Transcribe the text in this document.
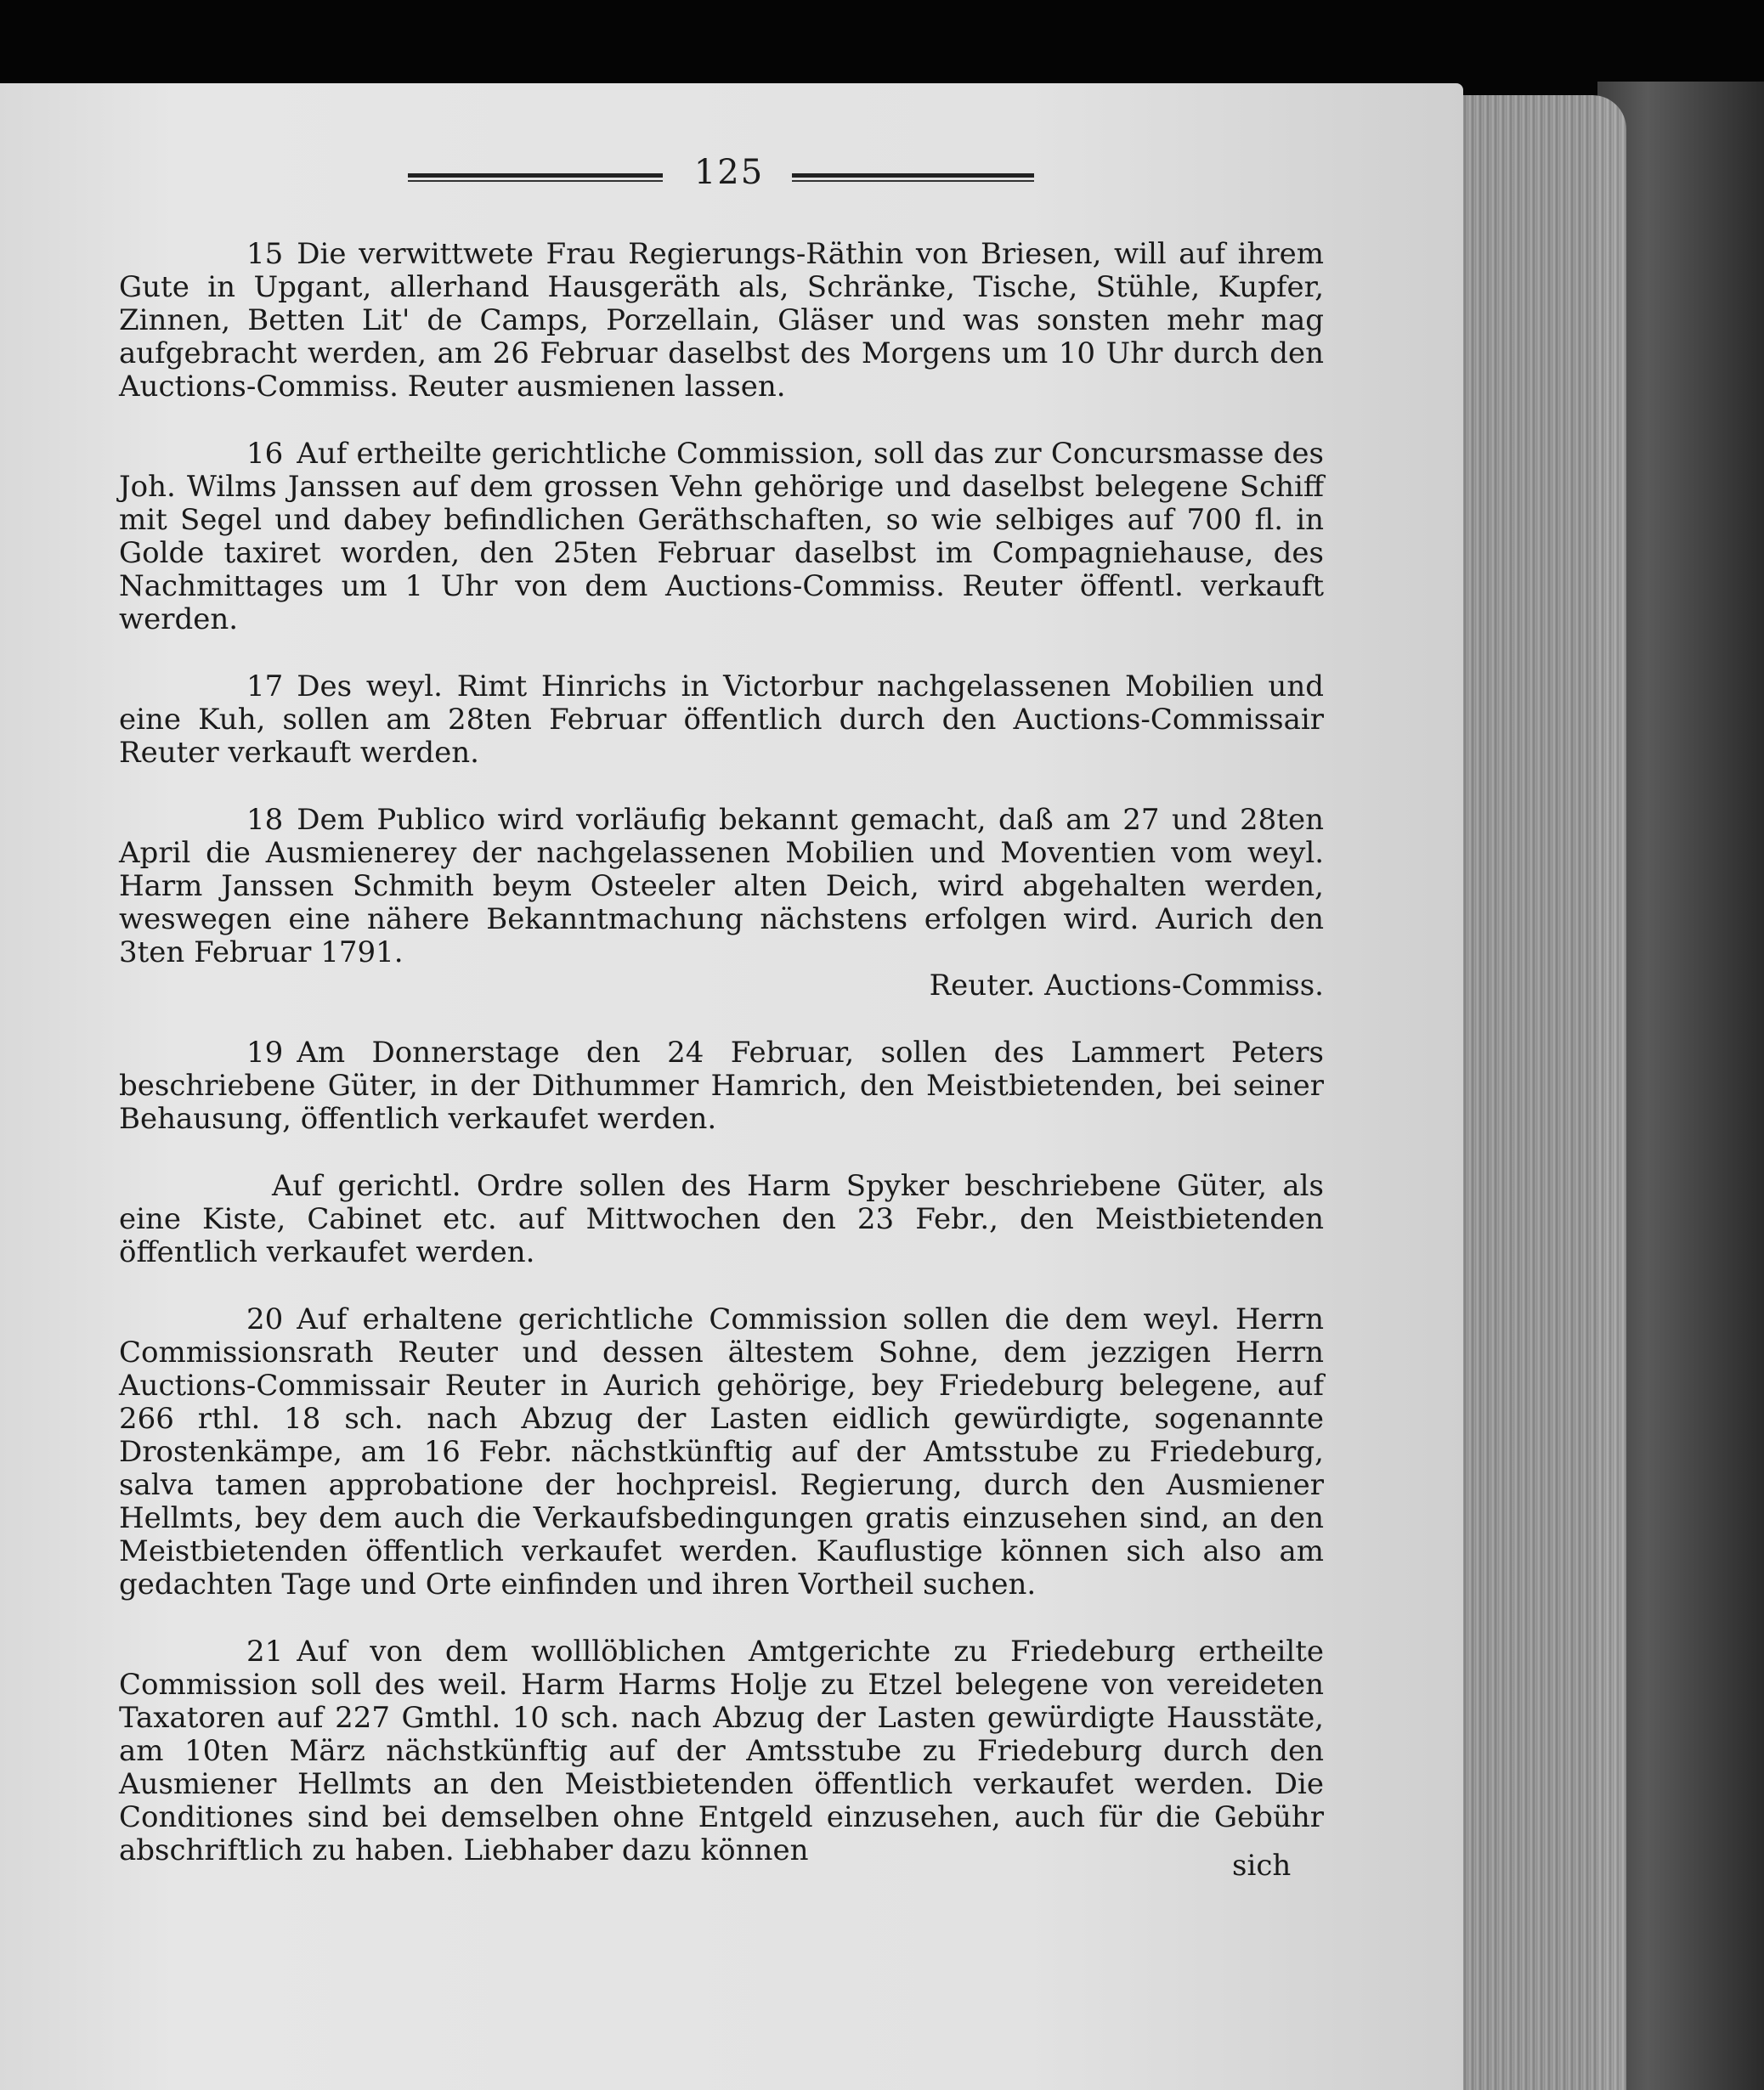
125

15 Die verwittwete Frau Regierungs-Räthin von Briesen, will auf ihrem Gute in Upgant, allerhand Hausgeräth als, Schränke, Tische, Stühle, Kupfer, Zinnen, Betten Lit' de Camps, Porzellain, Gläser und was sonsten mehr mag aufgebracht werden, am 26 Februar daselbst des Morgens um 10 Uhr durch den Auctions-Commiss. Reuter ausmienen lassen.

16 Auf ertheilte gerichtliche Commission, soll das zur Concursmasse des Joh. Wilms Janssen auf dem grossen Vehn gehörige und daselbst belegene Schiff mit Segel und dabey befindlichen Geräthschaften, so wie selbiges auf 700 fl. in Golde taxiret worden, den 25ten Februar daselbst im Compagniehause, des Nachmittages um 1 Uhr von dem Auctions-Commiss. Reuter öffentl. verkauft werden.

17 Des weyl. Rimt Hinrichs in Victorbur nachgelassenen Mobilien und eine Kuh, sollen am 28ten Februar öffentlich durch den Auctions-Commissair Reuter verkauft werden.

18 Dem Publico wird vorläufig bekannt gemacht, daß am 27 und 28ten April die Ausmienerey der nachgelassenen Mobilien und Moventien vom weyl. Harm Janssen Schmith beym Osteeler alten Deich, wird abgehalten werden, weswegen eine nähere Bekanntmachung nächstens erfolgen wird. Aurich den 3ten Februar 1791.

Reuter. Auctions-Commiss.

19 Am Donnerstage den 24 Februar, sollen des Lammert Peters beschriebene Güter, in der Dithummer Hamrich, den Meistbietenden, bei seiner Behausung, öffentlich verkaufet werden.

Auf gerichtl. Ordre sollen des Harm Spyker beschriebene Güter, als eine Kiste, Cabinet etc. auf Mittwochen den 23 Febr., den Meistbietenden öffentlich verkaufet werden.

20 Auf erhaltene gerichtliche Commission sollen die dem weyl. Herrn Commissionsrath Reuter und dessen ältestem Sohne, dem jezzigen Herrn Auctions-Commissair Reuter in Aurich gehörige, bey Friedeburg belegene, auf 266 rthl. 18 sch. nach Abzug der Lasten eidlich gewürdigte, sogenannte Drostenkämpe, am 16 Febr. nächstkünftig auf der Amtsstube zu Friedeburg, salva tamen approbatione der hochpreisl. Regierung, durch den Ausmiener Hellmts, bey dem auch die Verkaufsbedingungen gratis einzusehen sind, an den Meistbietenden öffentlich verkaufet werden. Kauflustige können sich also am gedachten Tage und Orte einfinden und ihren Vortheil suchen.

21 Auf von dem wolllöblichen Amtgerichte zu Friedeburg ertheilte Commission soll des weil. Harm Harms Holje zu Etzel belegene von vereideten Taxatoren auf 227 Gmthl. 10 sch. nach Abzug der Lasten gewürdigte Hausstäte, am 10ten März nächstkünftig auf der Amtsstube zu Friedeburg durch den Ausmiener Hellmts an den Meistbietenden öffentlich verkaufet werden. Die Conditiones sind bei demselben ohne Entgeld einzusehen, auch für die Gebühr abschriftlich zu haben. Liebhaber dazu können	sich
